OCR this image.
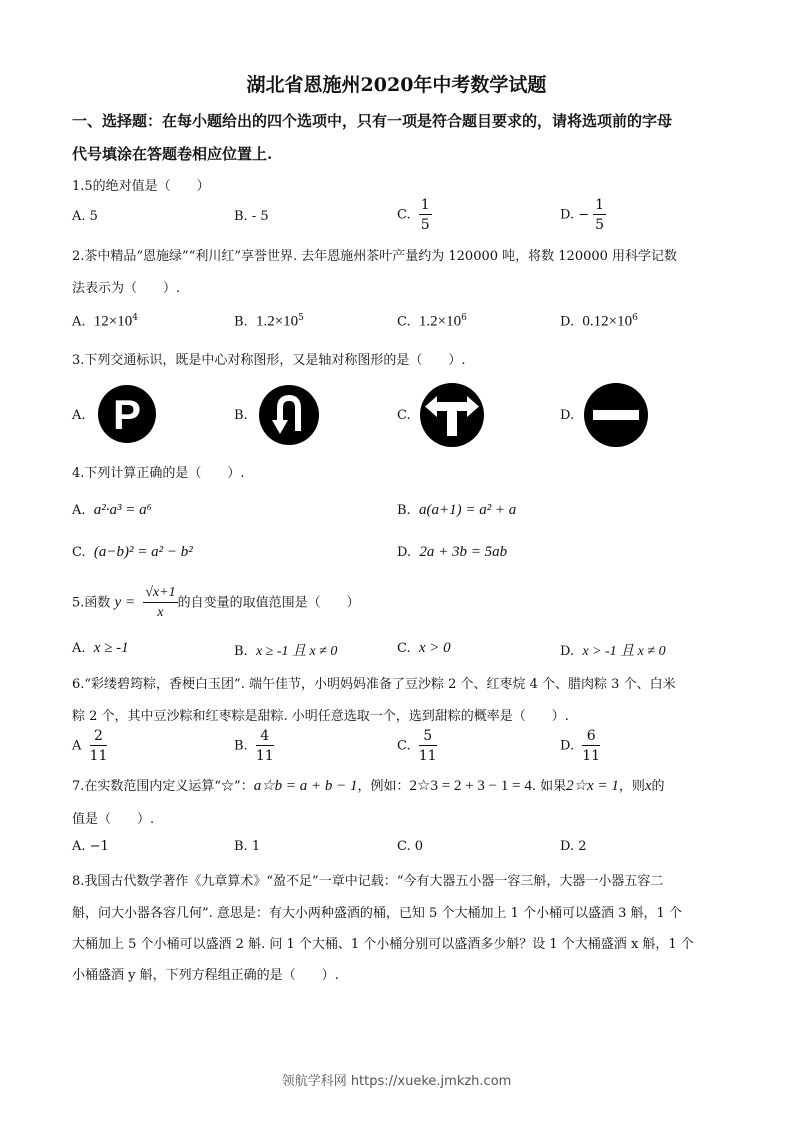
湖北省恩施州2020年中考数学试题
一、选择题：在每小题给出的四个选项中，只有一项是符合题目要求的，请将选项前的字母
代号填涂在答题卷相应位置上.
1.5的绝对值是（　　）
A. 5	B. - 5	C. $\frac{1}{5}$	D. − $\frac{1}{5}$
2.茶中精品“恩施绿”“利川红”享誉世界. 去年恩施州茶叶产量约为 120000 吨，将数 120000 用科学记数
法表示为（　　）.
A. $12\times 10^4$	B. $1.2\times 10^5$	C. $1.2\times 10^6$	D. $0.12\times 10^6$
3.下列交通标识，既是中心对称图形，又是轴对称图形的是（　　）.
A.	B.	C.	D.
P
4.下列计算正确的是（　　）.
A. a²·a³ = a⁶	B. a(a+1) = a² + a
C. (a−b)² = a² − b²	D. 2a + 3b = 5ab
5.函数 $y = \frac{√x+1}{x}$ 的自变量的取值范围是（　　）
A. x ≥ -1	B. x ≥ -1 且 x ≠ 0	C. x > 0	D. x > -1 且 x ≠ 0
6.“彩缕碧筠粽，香梗白玉团”. 端午佳节，小明妈妈准备了豆沙粽 2 个、红枣烷 4 个、腊肉粽 3 个、白米
粽 2 个，其中豆沙粽和红枣粽是甜粽. 小明任意选取一个，选到甜粽的概率是（　　）.
A $\frac{2}{11}$	B. $\frac{4}{11}$	C. $\frac{5}{11}$	D. $\frac{6}{11}$
7.在实数范围内定义运算“☆”：a☆b = a + b − 1，例如：2☆3 = 2 + 3 − 1 = 4. 如果2☆x = 1，则x的
值是（　　）.
A. −1	B. 1	C. 0	D. 2
8.我国古代数学著作《九章算术》“盈不足”一章中记载：“今有大器五小器一容三斛，大器一小器五容二
斛，问大小器各容几何”. 意思是：有大小两种盛酒的桶，已知 5 个大桶加上 1 个小桶可以盛酒 3 斛，1 个
大桶加上 5 个小桶可以盛酒 2 斛. 问 1 个大桶、1 个小桶分别可以盛酒多少斛？设 1 个大桶盛酒 x 斛，1 个
小桶盛酒 y 斛，下列方程组正确的是（　　）.
领航学科网 https://xueke.jmkzh.com
